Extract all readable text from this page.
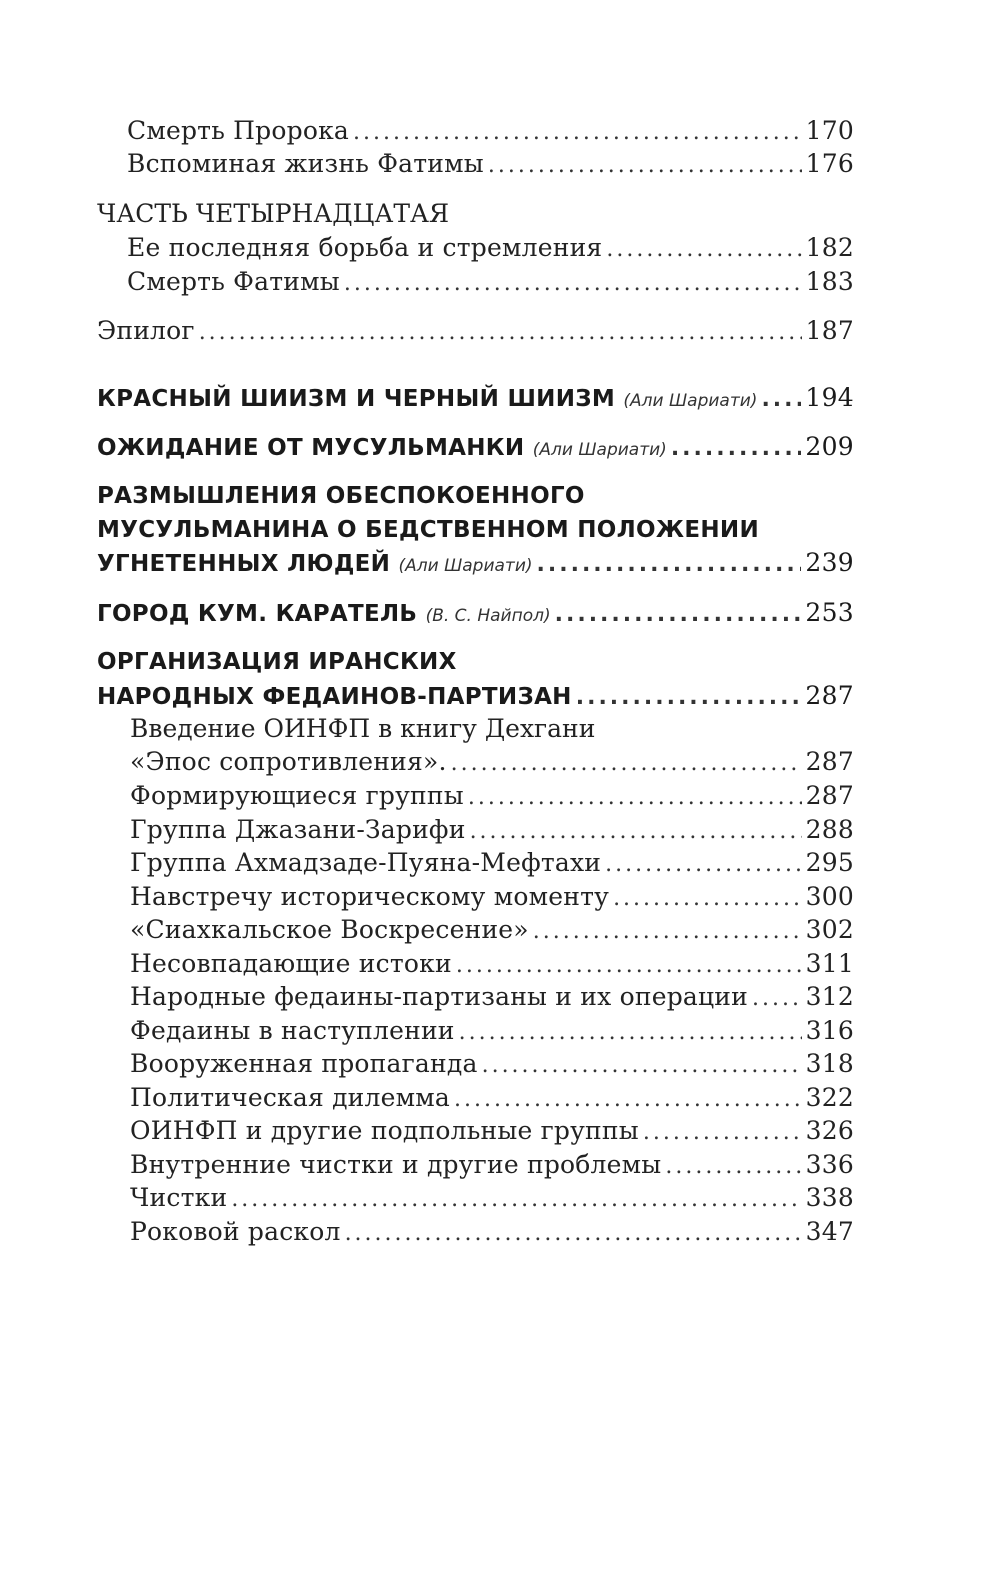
Смерть Пророка .....	170
Вспоминая жизнь Фатимы .....	176
ЧАСТЬ ЧЕТЫРНАДЦАТАЯ
Ее последняя борьба и стремления .....	182
Смерть Фатимы .....	183
Эпилог .....	187
КРАСНЫЙ ШИИЗМ И ЧЕРНЫЙ ШИИЗМ (Али Шариати) ..... 194
ОЖИДАНИЕ ОТ МУСУЛЬМАНКИ (Али Шариати) .....	209
РАЗМЫШЛЕНИЯ ОБЕСПОКОЕННОГО
МУСУЛЬМАНИНА О БЕДСТВЕННОМ ПОЛОЖЕНИИ
УГНЕТЕННЫХ ЛЮДЕЙ (Али Шариати) .....	239
ГОРОД КУМ. КАРАТЕЛЬ (В. С. Найпол) .....	253
ОРГАНИЗАЦИЯ ИРАНСКИХ
НАРОДНЫХ ФЕДАИНОВ-ПАРТИЗАН .....	287
Введение ОИНФП в книгу Дехгани
«Эпос сопротивления». .....	287
Формирующиеся группы .....	287
Группа Джазани-Зарифи .....	288
Группа Ахмадзаде-Пуяна-Мефтахи .....	295
Навстречу историческому моменту .....	300
«Сиахкальское Воскресение» .....	302
Несовпадающие истоки .....	311
Народные федаины-партизаны и их операции ..... 312
Федаины в наступлении .....	316
Вооруженная пропаганда .....	318
Политическая дилемма .....	322
ОИНФП и другие подпольные группы .....	326
Внутренние чистки и другие проблемы .....	336
Чистки .....	338
Роковой раскол .....	347
